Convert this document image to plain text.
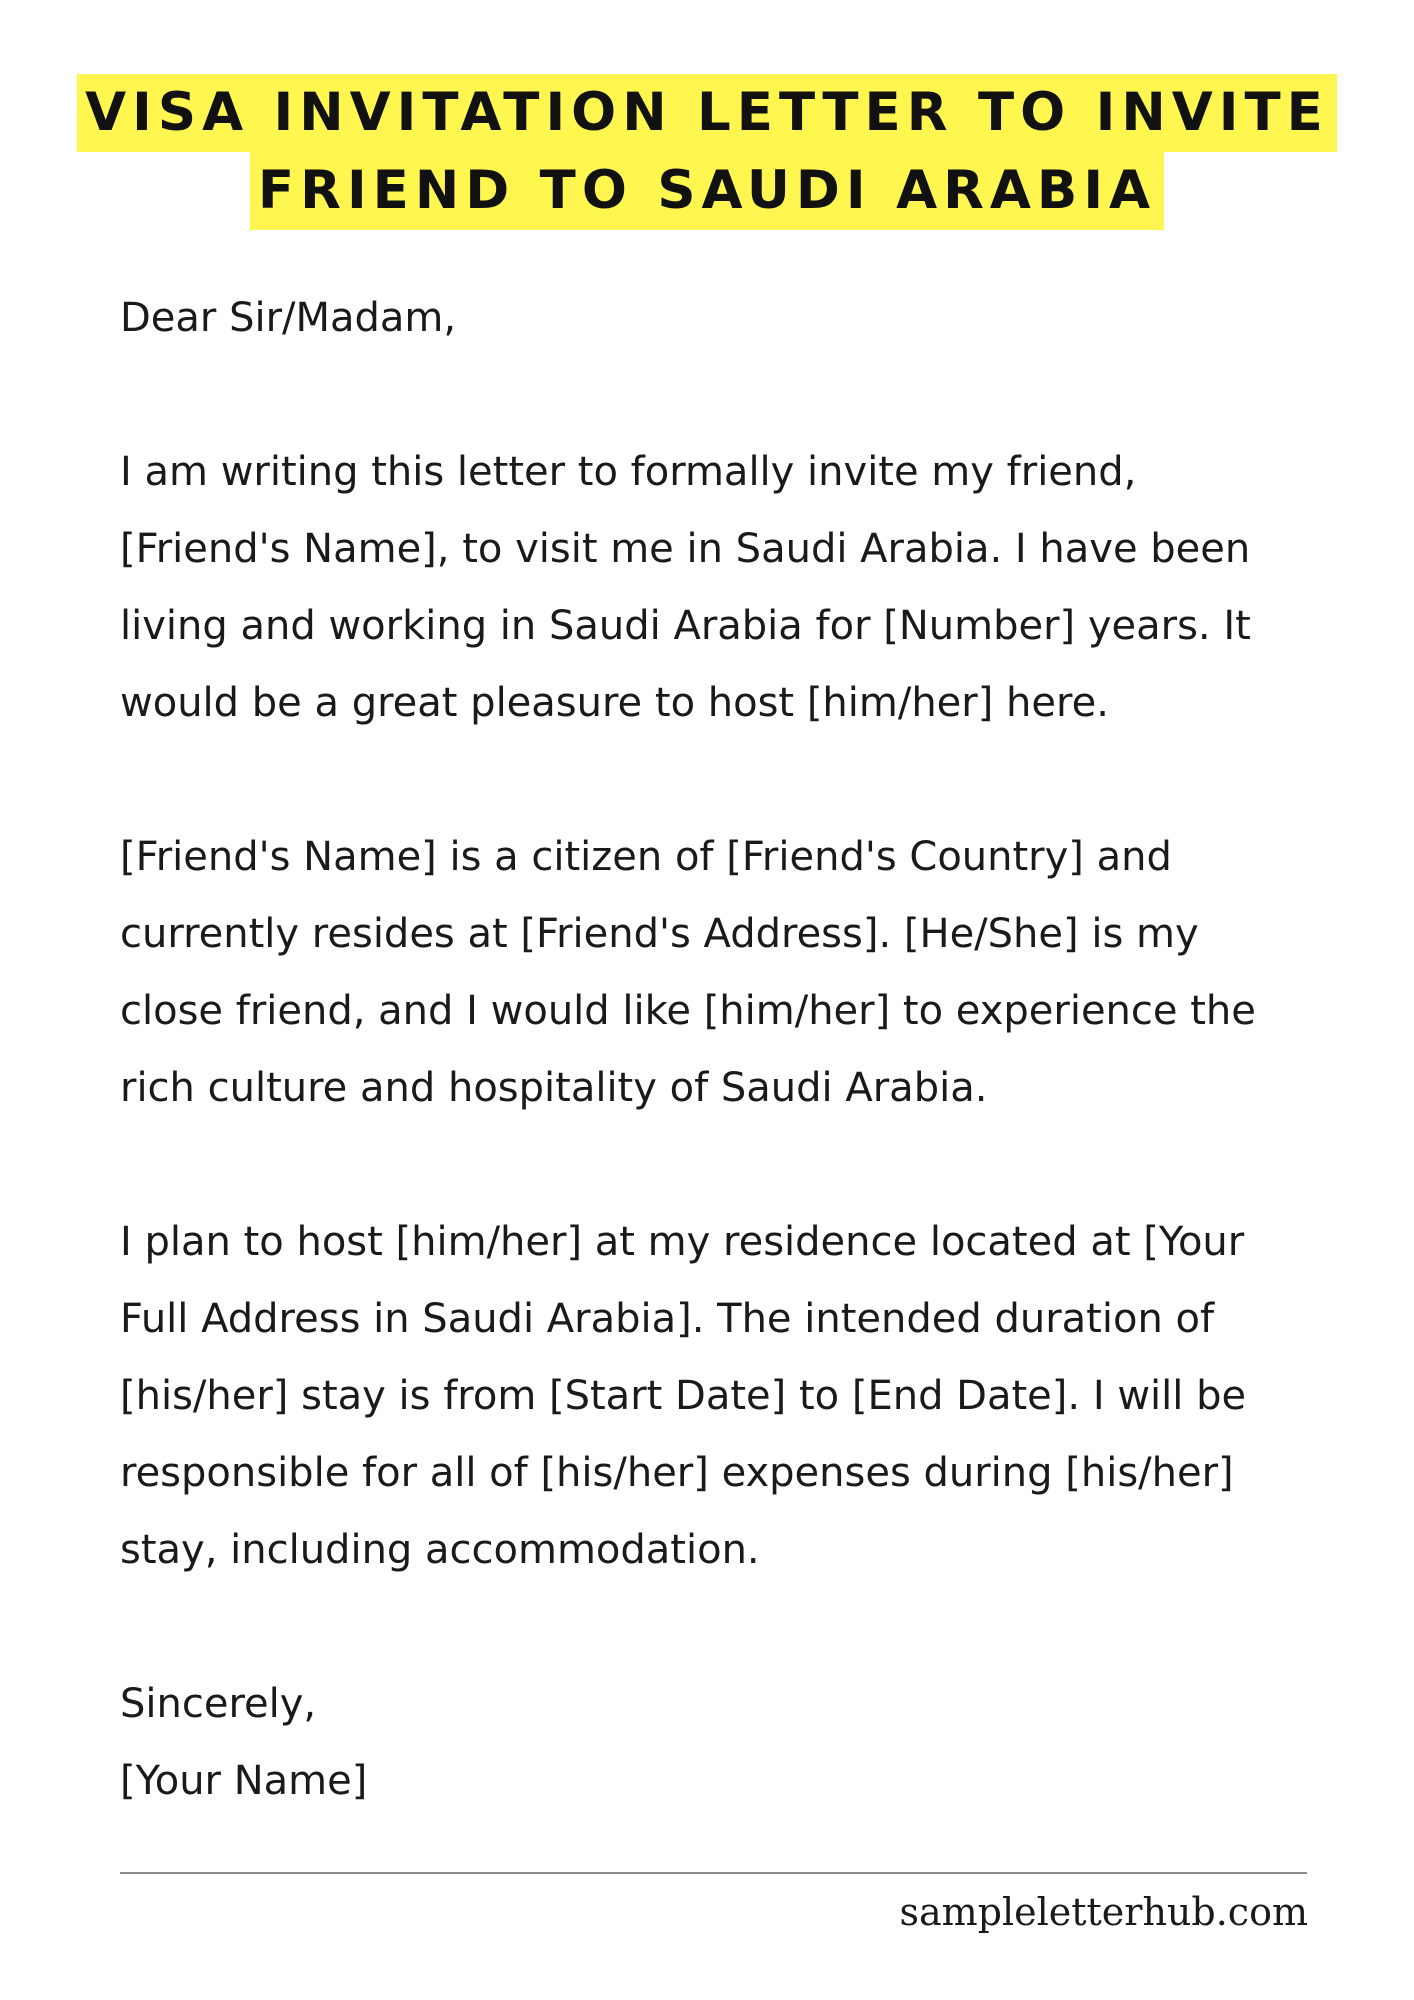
VISA INVITATION LETTER TO INVITE
FRIEND TO SAUDI ARABIA
Dear Sir/Madam,
I am writing this letter to formally invite my friend,
[Friend's Name], to visit me in Saudi Arabia. I have been
living and working in Saudi Arabia for [Number] years. It
would be a great pleasure to host [him/her] here.
[Friend's Name] is a citizen of [Friend's Country] and
currently resides at [Friend's Address]. [He/She] is my
close friend, and I would like [him/her] to experience the
rich culture and hospitality of Saudi Arabia.
I plan to host [him/her] at my residence located at [Your
Full Address in Saudi Arabia]. The intended duration of
[his/her] stay is from [Start Date] to [End Date]. I will be
responsible for all of [his/her] expenses during [his/her]
stay, including accommodation.
Sincerely,
[Your Name]
sampleletterhub.com
